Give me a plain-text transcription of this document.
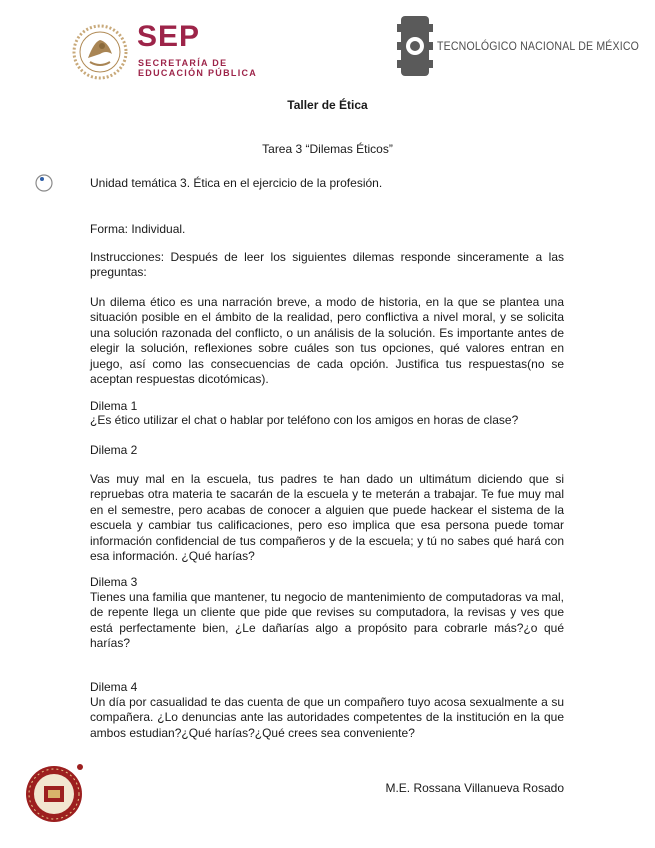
SEP
SECRETARÍA DE
EDUCACIÓN PÚBLICA
TECNOLÓGICO NACIONAL DE MÉXICO
Taller de Ética
Tarea 3 “Dilemas Éticos”

Unidad temática 3. Ética en el ejercicio de la profesión.

Forma: Individual.

Instrucciones: Después de leer los siguientes dilemas responde sinceramente a las preguntas:

Un dilema ético es una narración breve, a modo de historia, en la que se plantea una situación posible en el ámbito de la realidad, pero conflictiva a nivel moral, y se solicita una solución razonada del conflicto, o un análisis de la solución. Es importante antes de elegir la solución, reflexiones sobre cuáles son tus opciones, qué valores entran en juego, así como las consecuencias de cada opción. Justifica tus respuestas(no se aceptan respuestas dicotómicas).

Dilema 1

¿Es ético utilizar el chat o hablar por teléfono con los amigos en horas de clase?

Dilema 2

Vas muy mal en la escuela, tus padres te han dado un ultimátum diciendo que si repruebas otra materia te sacarán de la escuela y te meterán a trabajar. Te fue muy mal en el semestre, pero acabas de conocer a alguien que puede hackear el sistema de la escuela y cambiar tus calificaciones, pero eso implica que esa persona puede tomar información confidencial de tus compañeros y de la escuela; y tú no sabes qué hará con esa información. ¿Qué harías?

Dilema 3

Tienes una familia que mantener, tu negocio de mantenimiento de computadoras va mal, de repente llega un cliente que pide que revises su computadora, la revisas y ves que está perfectamente bien, ¿Le dañarías algo a propósito para cobrarle más?¿o qué harías?

Dilema 4

Un día por casualidad te das cuenta de que un compañero tuyo acosa sexualmente a su compañera. ¿Lo denuncias ante las autoridades competentes de la institución en la que ambos estudian?¿Qué harías?¿Qué crees sea conveniente?

M.E. Rossana Villanueva Rosado
